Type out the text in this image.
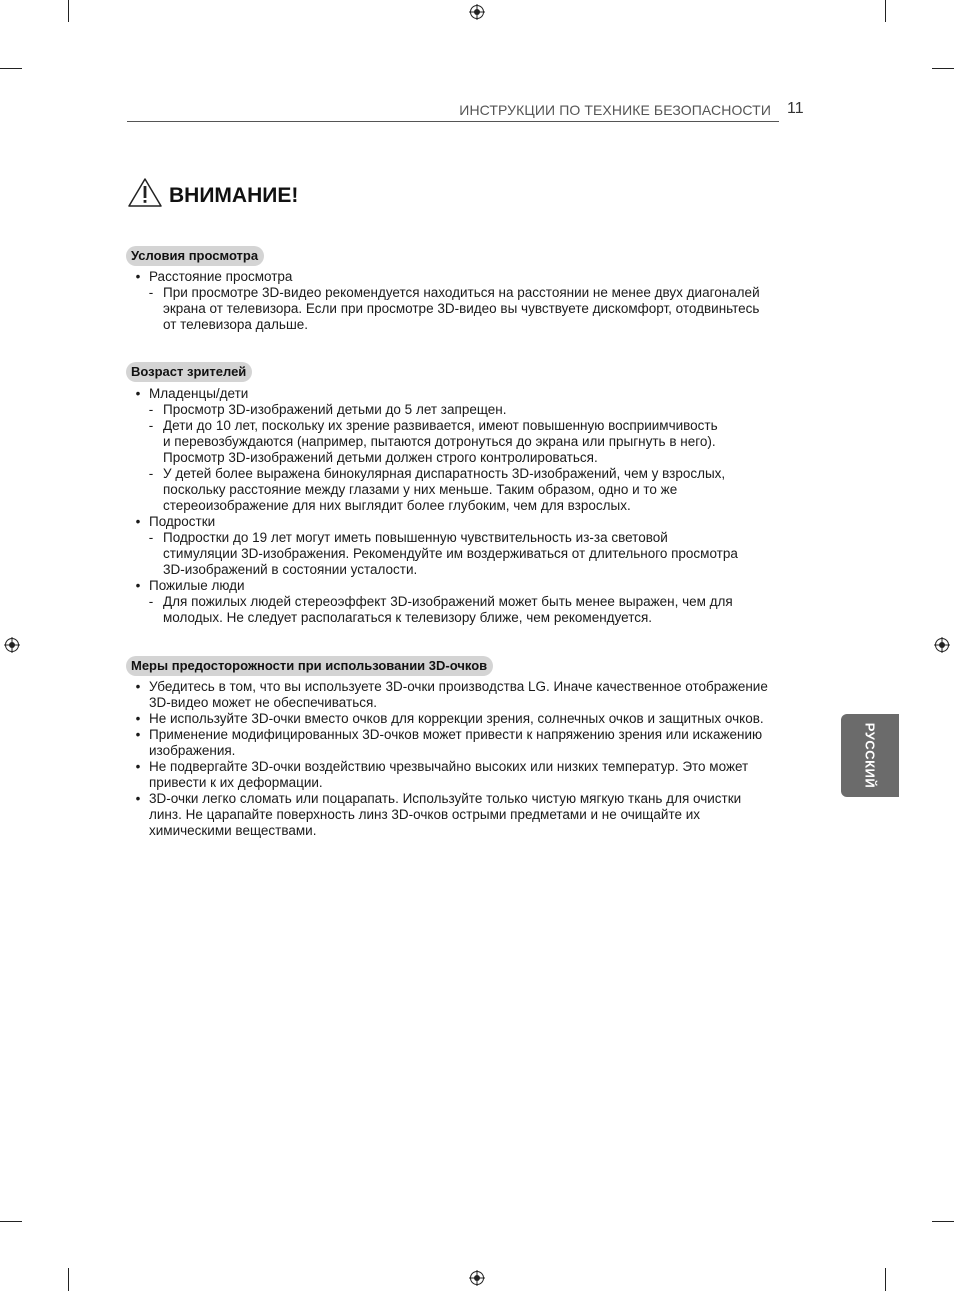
ИНСТРУКЦИИ ПО ТЕХНИКЕ БЕЗОПАСНОСТИ 11
ВНИМАНИЕ!
Условия просмотра
• Расстояние просмотра
- При просмотре 3D-видео рекомендуется находиться на расстоянии не менее двух диагоналей
экрана от телевизора. Если при просмотре 3D-видео вы чувствуете дискомфорт, отодвиньтесь
от телевизора дальше.
Возраст зрителей
• Младенцы/дети
- Просмотр 3D-изображений детьми до 5 лет запрещен.
- Дети до 10 лет, поскольку их зрение развивается, имеют повышенную восприимчивость
и перевозбуждаются (например, пытаются дотронуться до экрана или прыгнуть в него).
Просмотр 3D-изображений детьми должен строго контролироваться.
- У детей более выражена бинокулярная диспаратность 3D-изображений, чем у взрослых,
поскольку расстояние между глазами у них меньше. Таким образом, одно и то же
стереоизображение для них выглядит более глубоким, чем для взрослых.
• Подростки
- Подростки до 19 лет могут иметь повышенную чувствительность из-за световой
стимуляции 3D-изображения. Рекомендуйте им воздерживаться от длительного просмотра
3D-изображений в состоянии усталости.
• Пожилые люди
- Для пожилых людей стереоэффект 3D-изображений может быть менее выражен, чем для
молодых. Не следует располагаться к телевизору ближе, чем рекомендуется.
Меры предосторожности при использовании 3D-очков
• Убедитесь в том, что вы используете 3D-очки производства LG. Иначе качественное отображение
3D-видео может не обеспечиваться.
• Не используйте 3D-очки вместо очков для коррекции зрения, солнечных очков и защитных очков.
• Применение модифицированных 3D-очков может привести к напряжению зрения или искажению
изображения.
• Не подвергайте 3D-очки воздействию чрезвычайно высоких или низких температур. Это может
привести к их деформации.
• 3D-очки легко сломать или поцарапать. Используйте только чистую мягкую ткань для очистки
линз. Не царапайте поверхность линз 3D-очков острыми предметами и не очищайте их
химическими веществами.
РУССКИЙ
